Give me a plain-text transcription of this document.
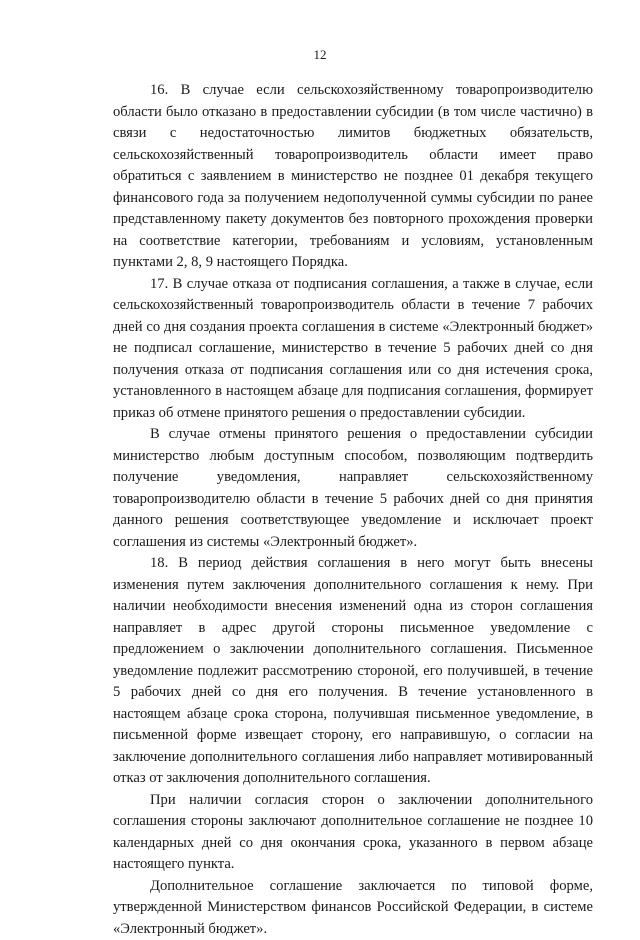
12

16. В случае если сельскохозяйственному товаропроизводителю области было отказано в предоставлении субсидии (в том числе частично) в связи с недостаточностью лимитов бюджетных обязательств, сельскохозяйственный товаропроизводитель области имеет право обратиться с заявлением в министерство не позднее 01 декабря текущего финансового года за получением недополученной суммы субсидии по ранее представленному пакету документов без повторного прохождения проверки на соответствие категории, требованиям и условиям, установленным пунктами 2, 8, 9 настоящего Порядка.

17. В случае отказа от подписания соглашения, а также в случае, если сельскохозяйственный товаропроизводитель области в течение 7 рабочих дней со дня создания проекта соглашения в системе «Электронный бюджет» не подписал соглашение, министерство в течение 5 рабочих дней со дня получения отказа от подписания соглашения или со дня истечения срока, установленного в настоящем абзаце для подписания соглашения, формирует приказ об отмене принятого решения о предоставлении субсидии.

В случае отмены принятого решения о предоставлении субсидии министерство любым доступным способом, позволяющим подтвердить получение уведомления, направляет сельскохозяйственному товаропроизводителю области в течение 5 рабочих дней со дня принятия данного решения соответствующее уведомление и исключает проект соглашения из системы «Электронный бюджет».

18. В период действия соглашения в него могут быть внесены изменения путем заключения дополнительного соглашения к нему. При наличии необходимости внесения изменений одна из сторон соглашения направляет в адрес другой стороны письменное уведомление с предложением о заключении дополнительного соглашения. Письменное уведомление подлежит рассмотрению стороной, его получившей, в течение 5 рабочих дней со дня его получения. В течение установленного в настоящем абзаце срока сторона, получившая письменное уведомление, в письменной форме извещает сторону, его направившую, о согласии на заключение дополнительного соглашения либо направляет мотивированный отказ от заключения дополнительного соглашения.

При наличии согласия сторон о заключении дополнительного соглашения стороны заключают дополнительное соглашение не позднее 10 календарных дней со дня окончания срока, указанного в первом абзаце настоящего пункта.

Дополнительное соглашение заключается по типовой форме, утвержденной Министерством финансов Российской Федерации, в системе «Электронный бюджет».
